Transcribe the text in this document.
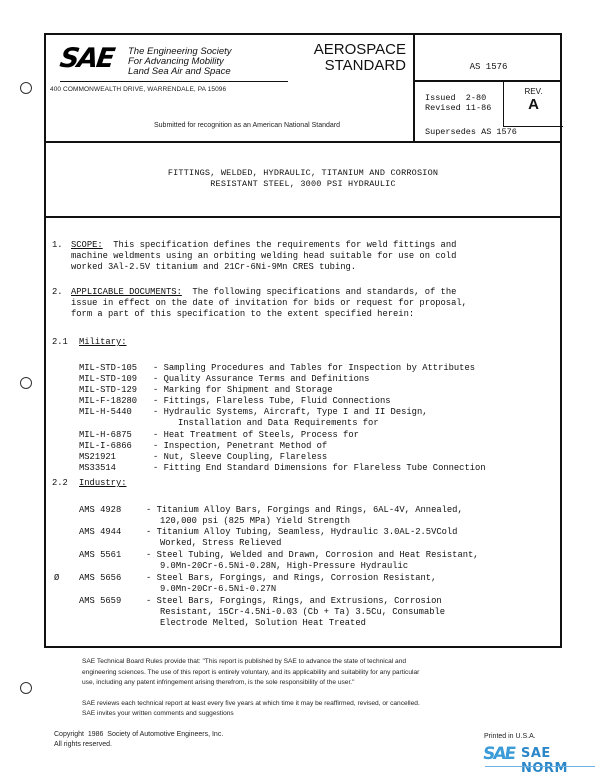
SAE The Engineering Society
For Advancing Mobility
Land Sea Air and Space
400 COMMONWEALTH DRIVE, WARRENDALE, PA 15096
Submitted for recognition as an American National Standard
AEROSPACE
STANDARD	AS 1576
Issued  2-80
Revised 11-86
REV.
A
Supersedes AS 1576
FITTINGS, WELDED, HYDRAULIC, TITANIUM AND CORROSION
RESISTANT STEEL, 3000 PSI HYDRAULIC
1. SCOPE: This specification defines the requirements for weld fittings and
machine weldments using an orbiting welding head suitable for use on cold
worked 3Al-2.5V titanium and 21Cr-6Ni-9Mn CRES tubing.
2. APPLICABLE DOCUMENTS: The following specifications and standards, of the
issue in effect on the date of invitation for bids or request for proposal,
form a part of this specification to the extent specified herein:
2.1 Military:
MIL-STD-105 - Sampling Procedures and Tables for Inspection by Attributes
MIL-STD-109 - Quality Assurance Terms and Definitions
MIL-STD-129 - Marking for Shipment and Storage
MIL-F-18280 - Fittings, Flareless Tube, Fluid Connections
MIL-H-5440 - Hydraulic Systems, Aircraft, Type I and II Design,
Installation and Data Requirements for
MIL-H-6875 - Heat Treatment of Steels, Process for
MIL-I-6866 - Inspection, Penetrant Method of
MS21921	- Nut, Sleeve Coupling, Flareless
MS33514	- Fitting End Standard Dimensions for Flareless Tube Connection
2.2 Industry:
AMS 4928	- Titanium Alloy Bars, Forgings and Rings, 6AL-4V, Annealed,
120,000 psi (825 MPa) Yield Strength
AMS 4944	- Titanium Alloy Tubing, Seamless, Hydraulic 3.0AL-2.5VCold
Worked, Stress Relieved
AMS 5561	- Steel Tubing, Welded and Drawn, Corrosion and Heat Resistant,
9.0Mn-20Cr-6.5Ni-0.28N, High-Pressure Hydraulic
Ø AMS 5656	- Steel Bars, Forgings, and Rings, Corrosion Resistant,
9.0Mn-20Cr-6.5Ni-0.27N
AMS 5659	- Steel Bars, Forgings, Rings, and Extrusions, Corrosion
Resistant, 15Cr-4.5Ni-0.03 (Cb + Ta) 3.5Cu, Consumable
Electrode Melted, Solution Heat Treated
SAE Technical Board Rules provide that: "This report is published by SAE to advance the state of technical and
engineering sciences. The use of this report is entirely voluntary, and its applicability and suitability for any particular
use, including any patent infringement arising therefrom, is the sole responsibility of the user."
SAE reviews each technical report at least every five years at which time it may be reaffirmed, revised, or cancelled.
SAE invites your written comments and suggestions
Copyright  1986  Society of Automotive Engineers, Inc.
All rights reserved.
Printed in U.S.A.
SAE SAE NORM
